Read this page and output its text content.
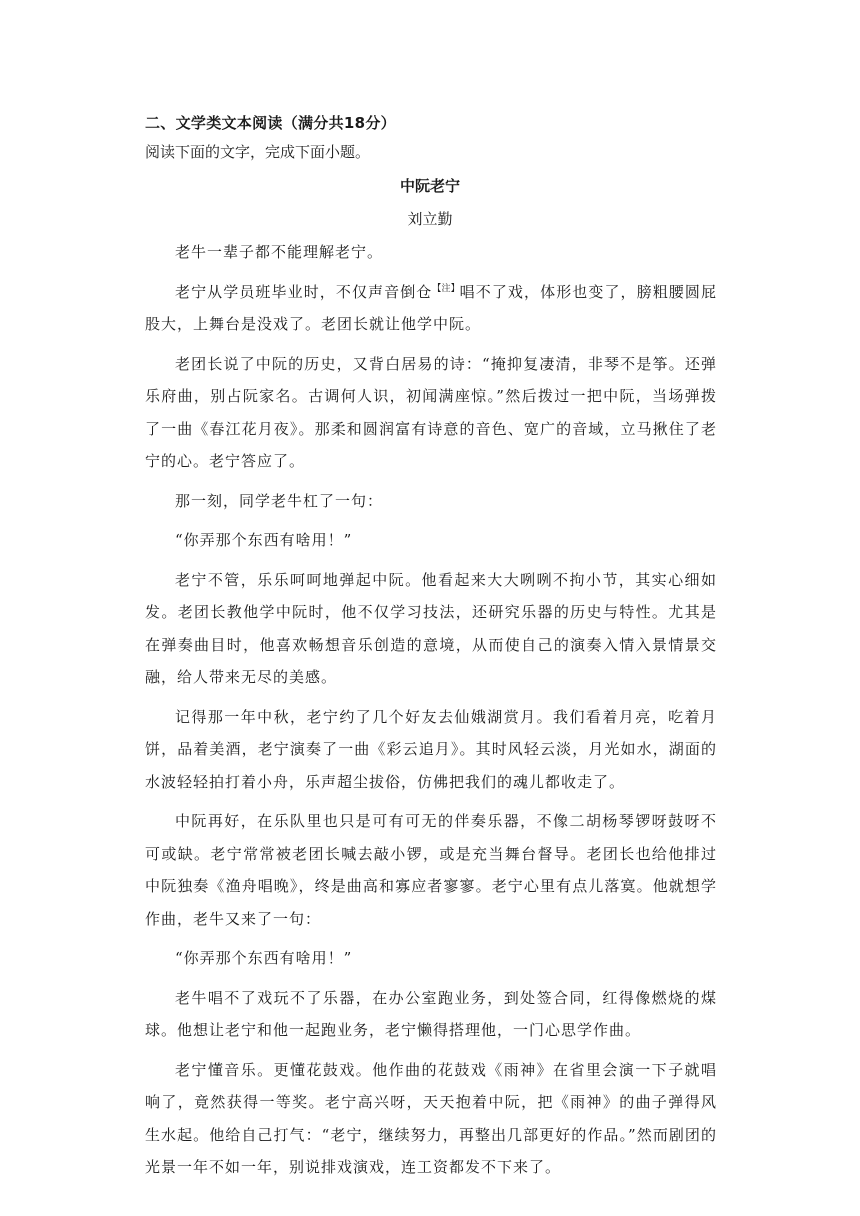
二、文学类文本阅读（满分共18分）
阅读下面的文字，完成下面小题。
中阮老宁
刘立勤

老牛一辈子都不能理解老宁。

老宁从学员班毕业时，不仅声音倒仓$^{【注】}$唱不了戏，体形也变了，膀粗腰圆屁股大，上舞台是没戏了。老团长就让他学中阮。

老团长说了中阮的历史，又背白居易的诗：“掩抑复凄清，非琴不是筝。还弹乐府曲，别占阮家名。古调何人识，初闻满座惊。”然后拨过一把中阮，当场弹拨了一曲《春江花月夜》。那柔和圆润富有诗意的音色、宽广的音域，立马揪住了老宁的心。老宁答应了。

那一刻，同学老牛杠了一句：

“你弄那个东西有啥用！”

老宁不管，乐乐呵呵地弹起中阮。他看起来大大咧咧不拘小节，其实心细如发。老团长教他学中阮时，他不仅学习技法，还研究乐器的历史与特性。尤其是在弹奏曲目时，他喜欢畅想音乐创造的意境，从而使自己的演奏入情入景情景交融，给人带来无尽的美感。

记得那一年中秋，老宁约了几个好友去仙娥湖赏月。我们看着月亮，吃着月饼，品着美酒，老宁演奏了一曲《彩云追月》。其时风轻云淡，月光如水，湖面的水波轻轻拍打着小舟，乐声超尘拔俗，仿佛把我们的魂儿都收走了。

中阮再好，在乐队里也只是可有可无的伴奏乐器，不像二胡杨琴锣呀鼓呀不可或缺。老宁常常被老团长喊去敲小锣，或是充当舞台督导。老团长也给他排过中阮独奏《渔舟唱晚》，终是曲高和寡应者寥寥。老宁心里有点儿落寞。他就想学作曲，老牛又来了一句：

“你弄那个东西有啥用！”

老牛唱不了戏玩不了乐器，在办公室跑业务，到处签合同，红得像燃烧的煤球。他想让老宁和他一起跑业务，老宁懒得搭理他，一门心思学作曲。

老宁懂音乐。更懂花鼓戏。他作曲的花鼓戏《雨神》在省里会演一下子就唱响了，竟然获得一等奖。老宁高兴呀，天天抱着中阮，把《雨神》的曲子弹得风生水起。他给自己打气：“老宁，继续努力，再整出几部更好的作品。”然而剧团的光景一年不如一年，别说排戏演戏，连工资都发不下来了。
